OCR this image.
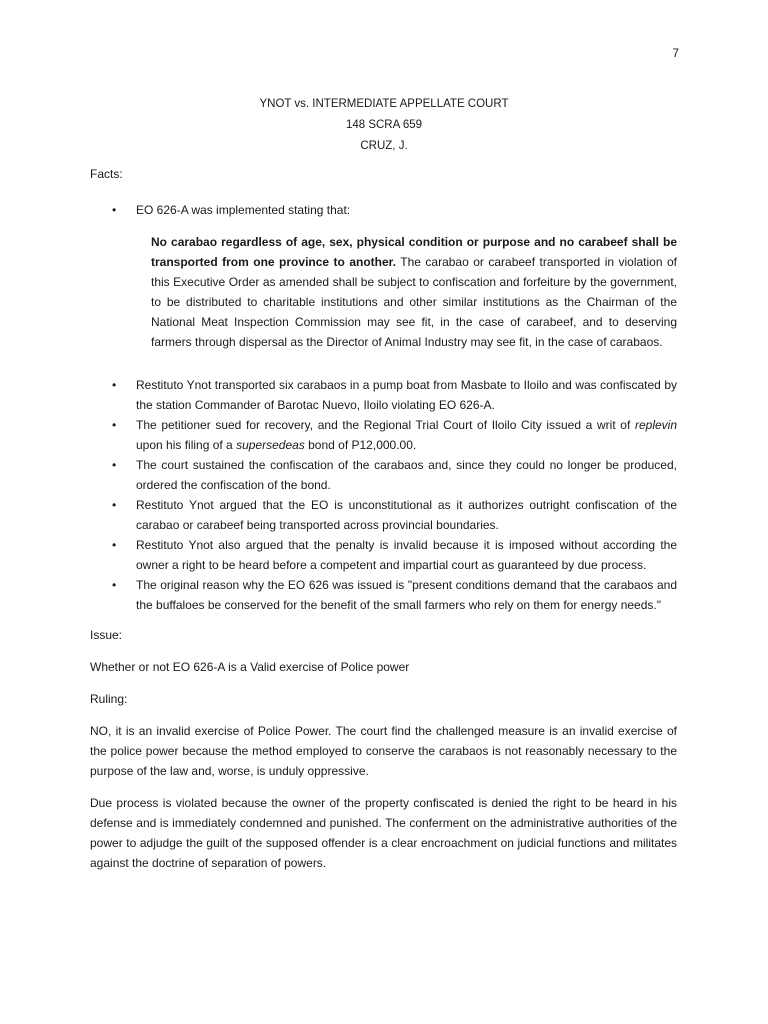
7
YNOT vs. INTERMEDIATE APPELLATE COURT
148 SCRA 659
CRUZ, J.

Facts:

• EO 626-A was implemented stating that:

No carabao regardless of age, sex, physical condition or purpose and no carabeef shall be transported from one province to another. The carabao or carabeef transported in violation of this Executive Order as amended shall be subject to confiscation and forfeiture by the government, to be distributed to charitable institutions and other similar institutions as the Chairman of the National Meat Inspection Commission may see fit, in the case of carabeef, and to deserving farmers through dispersal as the Director of Animal Industry may see fit, in the case of carabaos.

• Restituto Ynot transported six carabaos in a pump boat from Masbate to Iloilo and was confiscated by the station Commander of Barotac Nuevo, Iloilo violating EO 626-A.
• The petitioner sued for recovery, and the Regional Trial Court of Iloilo City issued a writ of replevin upon his filing of a supersedeas bond of P12,000.00.
• The court sustained the confiscation of the carabaos and, since they could no longer be produced, ordered the confiscation of the bond.
• Restituto Ynot argued that the EO is unconstitutional as it authorizes outright confiscation of the carabao or carabeef being transported across provincial boundaries.
• Restituto Ynot also argued that the penalty is invalid because it is imposed without according the owner a right to be heard before a competent and impartial court as guaranteed by due process.
• The original reason why the EO 626 was issued is "present conditions demand that the carabaos and the buffaloes be conserved for the benefit of the small farmers who rely on them for energy needs."

Issue:

Whether or not EO 626-A is a Valid exercise of Police power

Ruling:

NO, it is an invalid exercise of Police Power. The court find the challenged measure is an invalid exercise of the police power because the method employed to conserve the carabaos is not reasonably necessary to the purpose of the law and, worse, is unduly oppressive.

Due process is violated because the owner of the property confiscated is denied the right to be heard in his defense and is immediately condemned and punished. The conferment on the administrative authorities of the power to adjudge the guilt of the supposed offender is a clear encroachment on judicial functions and militates against the doctrine of separation of powers.
